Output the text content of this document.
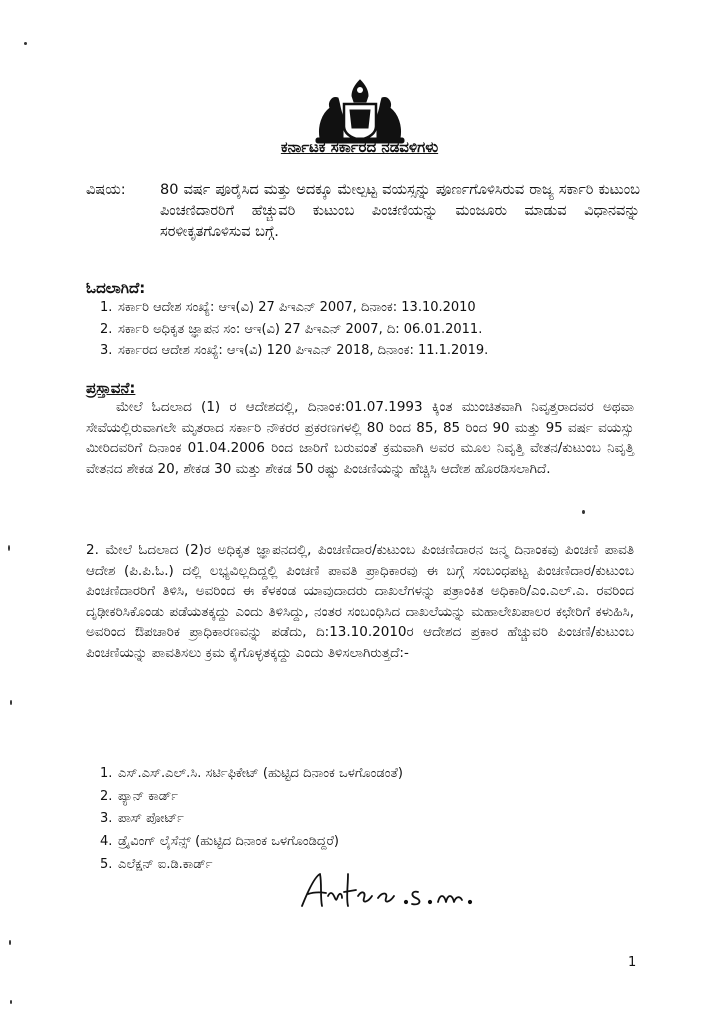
ಕರ್ನಾಟಕ ಸರ್ಕಾರದ ನಡವಳಿಗಳು
ವಿಷಯ: 80 ವರ್ಷ ಪೂರೈಸಿದ ಮತ್ತು ಅದಕ್ಕೂ ಮೇಲ್ಪಟ್ಟ ವಯಸ್ಸನ್ನು ಪೂರ್ಣಗೊಳಿಸಿರುವ ರಾಜ್ಯ ಸರ್ಕಾರಿ ಕುಟುಂಬ ಪಿಂಚಣಿದಾರರಿಗೆ ಹೆಚ್ಚುವರಿ ಕುಟುಂಬ ಪಿಂಚಣಿಯನ್ನು ಮಂಜೂರು ಮಾಡುವ ವಿಧಾನವನ್ನು ಸರಳೀಕೃತಗೊಳಿಸುವ ಬಗ್ಗೆ.
ಓದಲಾಗಿದೆ:
1. ಸರ್ಕಾರಿ ಆದೇಶ ಸಂಖ್ಯೆ: ಆಇ(ವಿ) 27 ಪಿಇಎನ್ 2007, ದಿನಾಂಕ: 13.10.2010
2. ಸರ್ಕಾರಿ ಅಧಿಕೃತ ಜ್ಞಾಪನ ಸಂ: ಆಇ(ವಿ) 27 ಪಿಇಎನ್ 2007, ದಿ: 06.01.2011.
3. ಸರ್ಕಾರದ ಆದೇಶ ಸಂಖ್ಯೆ: ಆಇ(ವಿ) 120 ಪಿಇಎನ್ 2018, ದಿನಾಂಕ: 11.1.2019.
ಪ್ರಸ್ತಾವನೆ:

ಮೇಲೆ ಓದಲಾದ (1) ರ ಆದೇಶದಲ್ಲಿ, ದಿನಾಂಕ:01.07.1993 ಕ್ಕಿಂತ ಮುಂಚಿತವಾಗಿ ನಿವೃತ್ತರಾದವರ ಅಥವಾ ಸೇವೆಯಲ್ಲಿರುವಾಗಲೇ ಮೃತರಾದ ಸರ್ಕಾರಿ ನೌಕರರ ಪ್ರಕರಣಗಳಲ್ಲಿ 80 ರಿಂದ 85, 85 ರಿಂದ 90 ಮತ್ತು 95 ವರ್ಷ ವಯಸ್ಸು ಮೀರಿದವರಿಗೆ ದಿನಾಂಕ 01.04.2006 ರಿಂದ ಜಾರಿಗೆ ಬರುವಂತೆ ಕ್ರಮವಾಗಿ ಅವರ ಮೂಲ ನಿವೃತ್ತಿ ವೇತನ/ಕುಟುಂಬ ನಿವೃತ್ತಿ ವೇತನದ ಶೇಕಡ 20, ಶೇಕಡ 30 ಮತ್ತು ಶೇಕಡ 50 ರಷ್ಟು ಪಿಂಚಣಿಯನ್ನು ಹೆಚ್ಚಿಸಿ ಆದೇಶ ಹೊರಡಿಸಲಾಗಿದೆ.

2. ಮೇಲೆ ಓದಲಾದ (2)ರ ಅಧಿಕೃತ ಜ್ಞಾಪನದಲ್ಲಿ, ಪಿಂಚಣಿದಾರ/ಕುಟುಂಬ ಪಿಂಚಣಿದಾರನ ಜನ್ಮ ದಿನಾಂಕವು ಪಿಂಚಣಿ ಪಾವತಿ ಆದೇಶ (ಪಿ.ಪಿ.ಓ.) ದಲ್ಲಿ ಲಭ್ಯವಿಲ್ಲದಿದ್ದಲ್ಲಿ ಪಿಂಚಣಿ ಪಾವತಿ ಪ್ರಾಧಿಕಾರವು ಈ ಬಗ್ಗೆ ಸಂಬಂಧಪಟ್ಟ ಪಿಂಚಣಿದಾರ/ಕುಟುಂಬ ಪಿಂಚಣಿದಾರರಿಗೆ ತಿಳಿಸಿ, ಅವರಿಂದ ಈ ಕೆಳಕಂಡ ಯಾವುದಾದರು ದಾಖಲೆಗಳನ್ನು ಪತ್ರಾಂಕಿತ ಅಧಿಕಾರಿ/ಎಂ.ಎಲ್.ಎ. ರವರಿಂದ ದೃಢೀಕರಿಸಿಕೊಂಡು ಪಡೆಯತಕ್ಕದ್ದು ಎಂದು ತಿಳಿಸಿದ್ದು, ನಂತರ ಸಂಬಂಧಿಸಿದ ದಾಖಲೆಯನ್ನು ಮಹಾಲೇಖಪಾಲರ ಕಛೇರಿಗೆ ಕಳುಹಿಸಿ, ಅವರಿಂದ ಔಪಚಾರಿಕ ಪ್ರಾಧಿಕಾರಣವನ್ನು ಪಡೆದು, ದಿ:13.10.2010ರ ಆದೇಶದ ಪ್ರಕಾರ ಹೆಚ್ಚುವರಿ ಪಿಂಚಣಿ/ಕುಟುಂಬ ಪಿಂಚಣಿಯನ್ನು ಪಾವತಿಸಲು ಕ್ರಮ ಕೈಗೊಳ್ಳತಕ್ಕದ್ದು ಎಂದು ತಿಳಿಸಲಾಗಿರುತ್ತದೆ:-

1. ಎಸ್.ಎಸ್.ಎಲ್.ಸಿ. ಸರ್ಟಿಫಿಕೇಟ್ (ಹುಟ್ಟಿದ ದಿನಾಂಕ ಒಳಗೊಂಡಂತೆ)
2. ಪ್ಯಾನ್ ಕಾರ್ಡ್
3. ಪಾಸ್ ಪೋರ್ಟ್
4. ಡ್ರೈವಿಂಗ್ ಲೈಸೆನ್ಸ್ (ಹುಟ್ಟಿದ ದಿನಾಂಕ ಒಳಗೊಂಡಿದ್ದರೆ)
5. ಎಲೆಕ್ಷನ್ ಐ.ಡಿ.ಕಾರ್ಡ್
1
